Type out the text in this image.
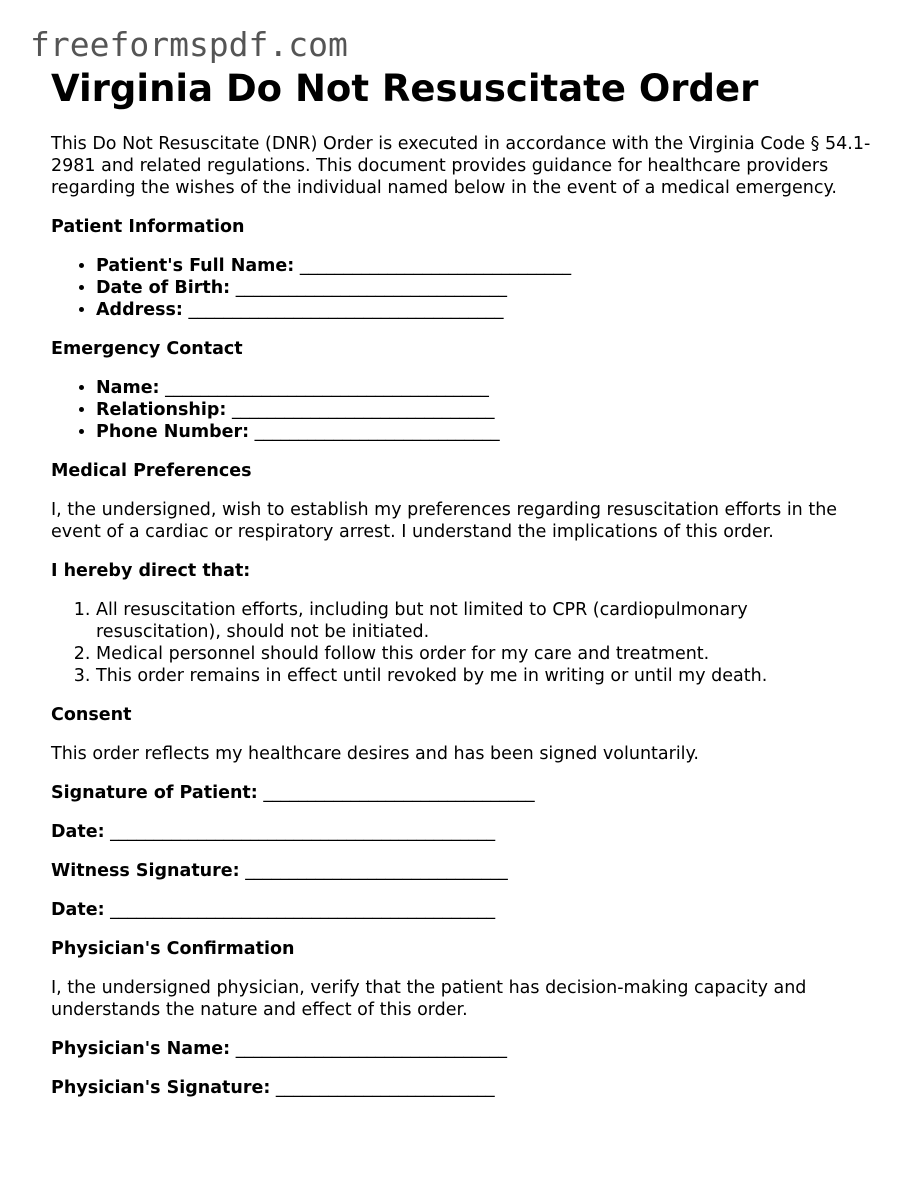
freeformspdf.com
Virginia Do Not Resuscitate Order

This Do Not Resuscitate (DNR) Order is executed in accordance with the Virginia Code § 54.1-2981 and related regulations. This document provides guidance for healthcare providers regarding the wishes of the individual named below in the event of a medical emergency.

Patient Information
• Patient's Full Name: _______________________________
• Date of Birth: _______________________________
• Address: ____________________________________
Emergency Contact
• Name: _____________________________________
• Relationship: ______________________________
• Phone Number: ____________________________
Medical Preferences

I, the undersigned, wish to establish my preferences regarding resuscitation efforts in the event of a cardiac or respiratory arrest. I understand the implications of this order.

I hereby direct that:
1. All resuscitation efforts, including but not limited to CPR (cardiopulmonary resuscitation), should not be initiated.
2. Medical personnel should follow this order for my care and treatment.
3. This order remains in effect until revoked by me in writing or until my death.
Consent

This order reflects my healthcare desires and has been signed voluntarily.

Signature of Patient: _______________________________

Date: ____________________________________________

Witness Signature: ______________________________

Date: ____________________________________________

Physician's Confirmation

I, the undersigned physician, verify that the patient has decision-making capacity and understands the nature and effect of this order.

Physician's Name: _______________________________

Physician's Signature: _________________________
